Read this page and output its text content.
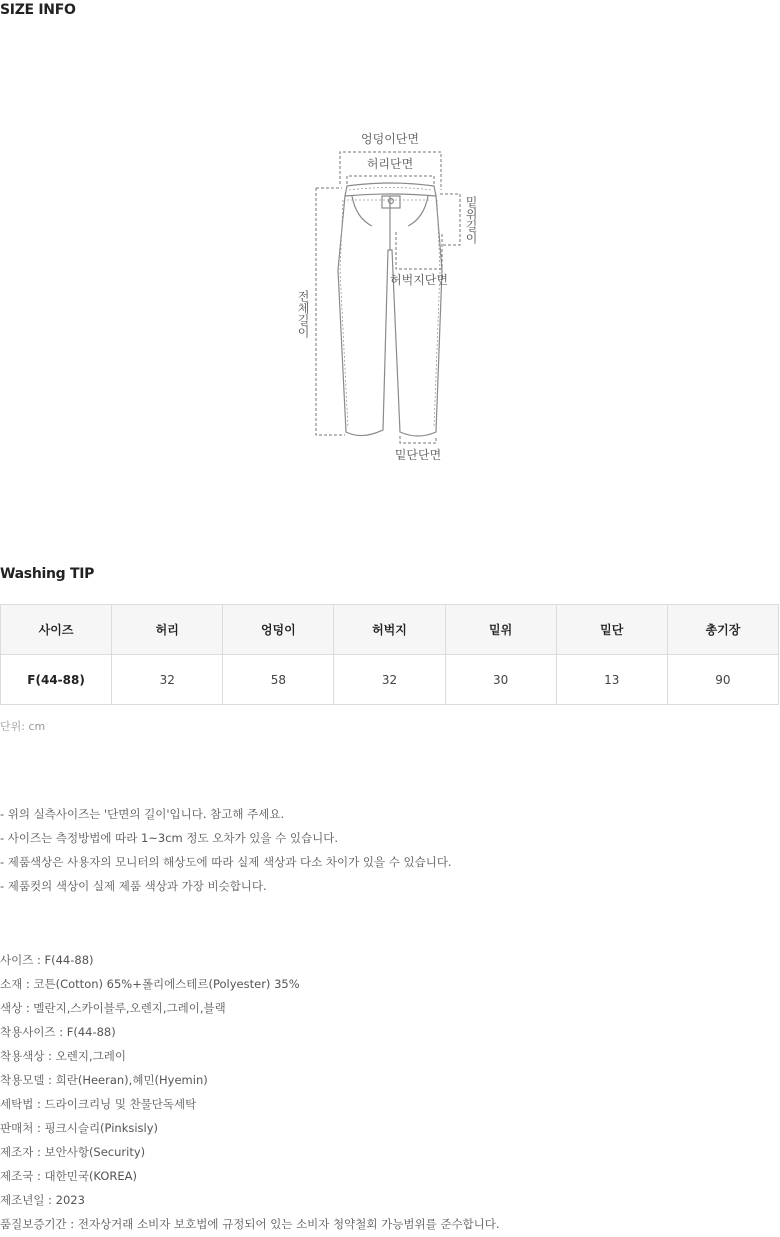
SIZE INFO
엉덩이단면
허리단면
밑위길이
허벅지단면
전체길이
밑단단면
Washing TIP
사이즈	허리	엉덩이	허벅지	밑위	밑단	총기장
F(44-88)	32	58	32	30	13	90
단위: cm
- 위의 실측사이즈는 '단면의 길이'입니다. 참고해 주세요.
- 사이즈는 측정방법에 따라 1~3cm 정도 오차가 있을 수 있습니다.
- 제품색상은 사용자의 모니터의 해상도에 따라 실제 색상과 다소 차이가 있을 수 있습니다.
- 제품컷의 색상이 실제 제품 색상과 가장 비슷합니다.
사이즈 : F(44-88)
소재 : 코튼(Cotton) 65%+폴리에스테르(Polyester) 35%
색상 : 멜란지,스카이블루,오렌지,그레이,블랙
착용사이즈 : F(44-88)
착용색상 : 오렌지,그레이
착용모델 : 희란(Heeran),혜민(Hyemin)
세탁법 : 드라이크리닝 및 찬물단독세탁
판매처 : 핑크시슬리(Pinksisly)
제조자 : 보안사항(Security)
제조국 : 대한민국(KOREA)
제조년일 : 2023
품질보증기간 : 전자상거래 소비자 보호법에 규정되어 있는 소비자 청약철회 가능범위를 준수합니다.
